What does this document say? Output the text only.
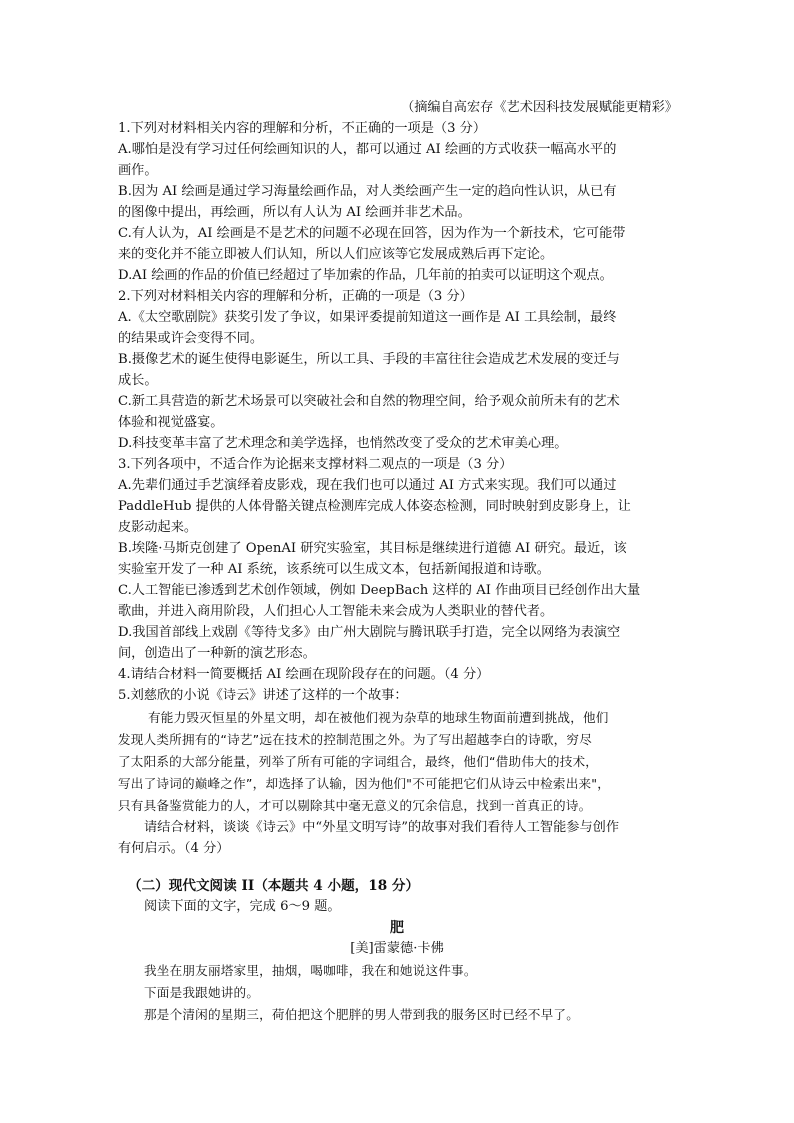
（摘编自高宏存《艺术因科技发展赋能更精彩》
1.下列对材料相关内容的理解和分析，不正确的一项是（3 分）
A.哪怕是没有学习过任何绘画知识的人，都可以通过 AI 绘画的方式收获一幅高水平的
画作。
B.因为 AI 绘画是通过学习海量绘画作品，对人类绘画产生一定的趋向性认识，从已有
的图像中提出，再绘画，所以有人认为 AI 绘画并非艺术品。
C.有人认为，AI 绘画是不是艺术的问题不必现在回答，因为作为一个新技术，它可能带
来的变化并不能立即被人们认知，所以人们应该等它发展成熟后再下定论。
D.AI 绘画的作品的价值已经超过了毕加索的作品，几年前的拍卖可以证明这个观点。
2.下列对材料相关内容的理解和分析，正确的一项是（3 分）
A.《太空歌剧院》获奖引发了争议，如果评委提前知道这一画作是 AI 工具绘制，最终
的结果或许会变得不同。
B.摄像艺术的诞生使得电影诞生，所以工具、手段的丰富往往会造成艺术发展的变迁与
成长。
C.新工具营造的新艺术场景可以突破社会和自然的物理空间，给予观众前所未有的艺术
体验和视觉盛宴。
D.科技变革丰富了艺术理念和美学选择，也悄然改变了受众的艺术审美心理。
3.下列各项中，不适合作为论据来支撑材料二观点的一项是（3 分）
A.先辈们通过手艺演绎着皮影戏，现在我们也可以通过 AI 方式来实现。我们可以通过
PaddleHub 提供的人体骨骼关键点检测库完成人体姿态检测，同时映射到皮影身上，让
皮影动起来。
B.埃隆·马斯克创建了 OpenAI 研究实验室，其目标是继续进行道德 AI 研究。最近，该
实验室开发了一种 AI 系统，该系统可以生成文本，包括新闻报道和诗歌。
C.人工智能已渗透到艺术创作领域，例如 DeepBach 这样的 AI 作曲项目已经创作出大量
歌曲，并进入商用阶段，人们担心人工智能未来会成为人类职业的替代者。
D.我国首部线上戏剧《等待戈多》由广州大剧院与腾讯联手打造，完全以网络为表演空
间，创造出了一种新的演艺形态。
4.请结合材料一简要概括 AI 绘画在现阶段存在的问题。（4 分）
5.刘慈欣的小说《诗云》讲述了这样的一个故事：
有能力毁灭恒星的外星文明，却在被他们视为杂草的地球生物面前遭到挑战，他们
发现人类所拥有的“诗艺”远在技术的控制范围之外。为了写出超越李白的诗歌，穷尽
了太阳系的大部分能量，列举了所有可能的字词组合，最终，他们“借助伟大的技术，
写出了诗词的巅峰之作”，却选择了认输，因为他们"不可能把它们从诗云中检索出来"，
只有具备鉴赏能力的人，才可以剔除其中毫无意义的冗余信息，找到一首真正的诗。
请结合材料，谈谈《诗云》中“外星文明写诗”的故事对我们看待人工智能参与创作
有何启示。（4 分）
（二）现代文阅读 II（本题共 4 小题，18 分）
阅读下面的文字，完成 6～9 题。
肥
[美]雷蒙德·卡佛
我坐在朋友丽塔家里，抽烟，喝咖啡，我在和她说这件事。
下面是我跟她讲的。
那是个清闲的星期三，荷伯把这个肥胖的男人带到我的服务区时已经不早了。
